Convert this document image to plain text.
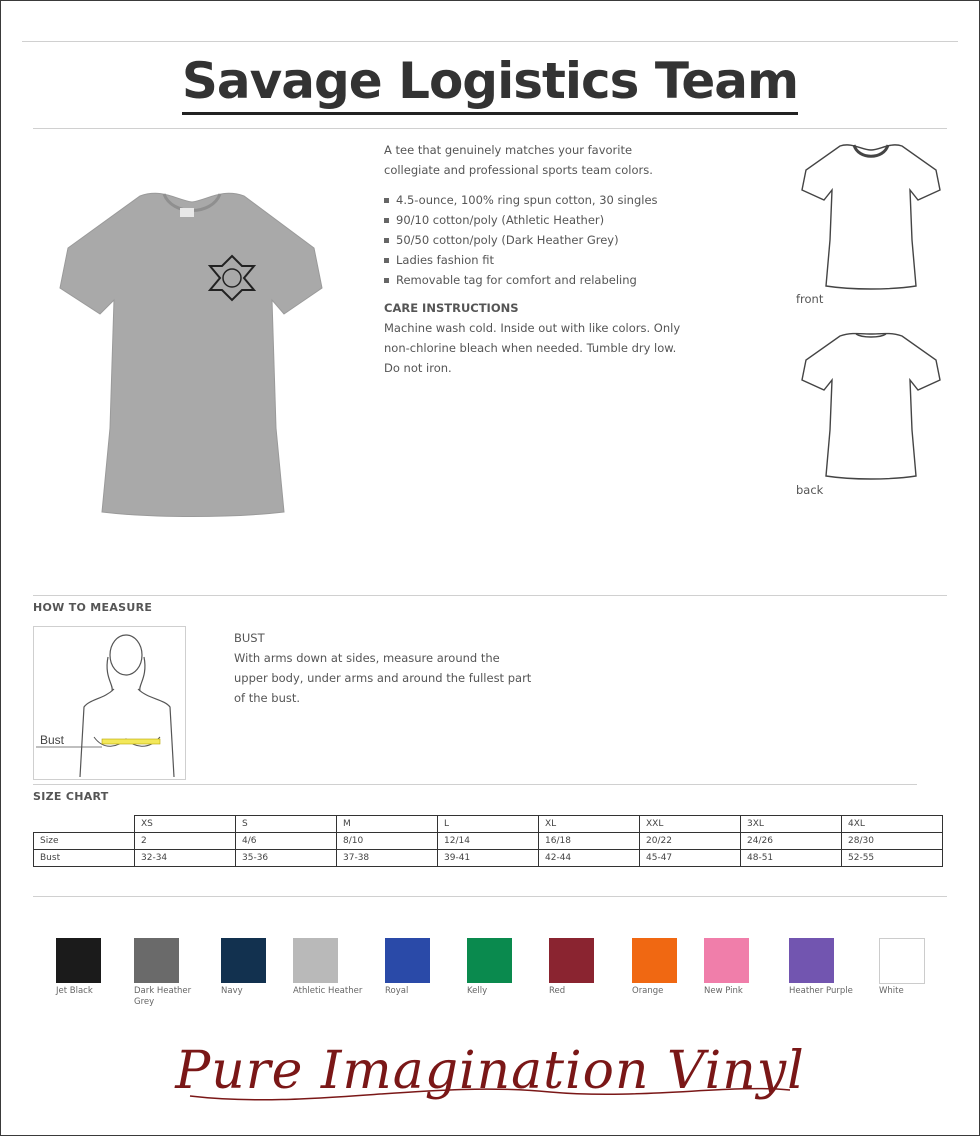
Savage Logistics Team

A tee that genuinely matches your favorite collegiate and professional sports team colors.

4.5-ounce, 100% ring spun cotton, 30 singles
90/10 cotton/poly (Athletic Heather)
50/50 cotton/poly (Dark Heather Grey)
Ladies fashion fit
Removable tag for comfort and relabeling

CARE INSTRUCTIONS

Machine wash cold. Inside out with like colors. Only non-chlorine bleach when needed. Tumble dry low. Do not iron.

front
back
HOW TO MEASURE
Bust

BUST

With arms down at sides, measure around the upper body, under arms and around the fullest part of the bust.

SIZE CHART
	XS	S	M	L	XL	XXL	3XL	4XL
Size	2	4/6	8/10	12/14	16/18	20/22	24/26	28/30
Bust	32-34	35-36	37-38	39-41	42-44	45-47	48-51	52-55
Jet Black	Dark Heather Grey
Navy	Athletic Heather	Royal	Kelly	Red	Orange	New Pink	Heather Purple	White
Pure Imagination Vinyl
